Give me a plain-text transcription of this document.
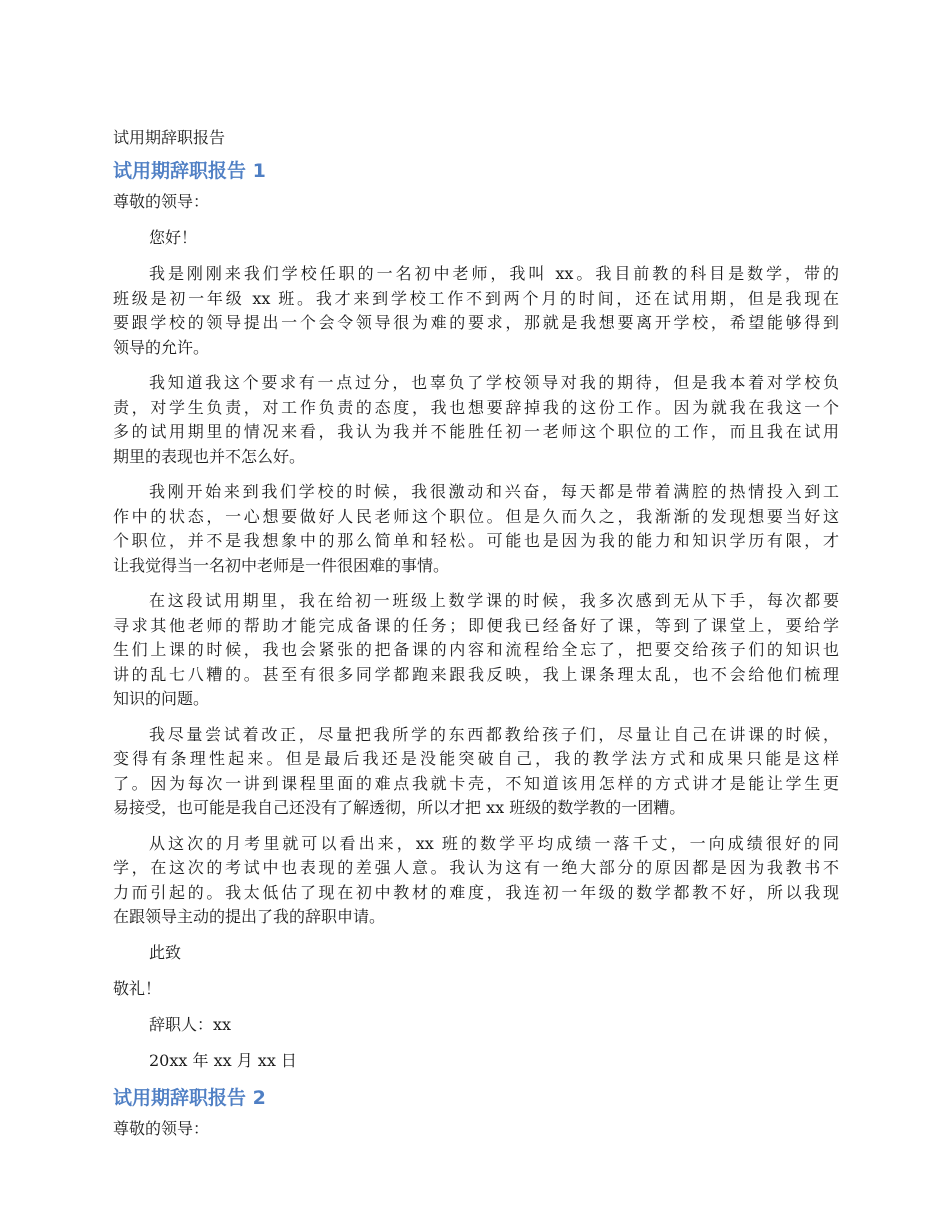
试用期辞职报告
试用期辞职报告 1
尊敬的领导：
您好！
我是刚刚来我们学校任职的一名初中老师，我叫 xx。我目前教的科目是数学，带的
班级是初一年级 xx 班。我才来到学校工作不到两个月的时间，还在试用期，但是我现在
要跟学校的领导提出一个会令领导很为难的要求，那就是我想要离开学校，希望能够得到
领导的允许。
我知道我这个要求有一点过分，也辜负了学校领导对我的期待，但是我本着对学校负
责，对学生负责，对工作负责的态度，我也想要辞掉我的这份工作。因为就我在我这一个
多的试用期里的情况来看，我认为我并不能胜任初一老师这个职位的工作，而且我在试用
期里的表现也并不怎么好。
我刚开始来到我们学校的时候，我很激动和兴奋，每天都是带着满腔的热情投入到工
作中的状态，一心想要做好人民老师这个职位。但是久而久之，我渐渐的发现想要当好这
个职位，并不是我想象中的那么简单和轻松。可能也是因为我的能力和知识学历有限，才
让我觉得当一名初中老师是一件很困难的事情。
在这段试用期里，我在给初一班级上数学课的时候，我多次感到无从下手，每次都要
寻求其他老师的帮助才能完成备课的任务；即便我已经备好了课，等到了课堂上，要给学
生们上课的时候，我也会紧张的把备课的内容和流程给全忘了，把要交给孩子们的知识也
讲的乱七八糟的。甚至有很多同学都跑来跟我反映，我上课条理太乱，也不会给他们梳理
知识的问题。
我尽量尝试着改正，尽量把我所学的东西都教给孩子们，尽量让自己在讲课的时候，
变得有条理性起来。但是最后我还是没能突破自己，我的教学法方式和成果只能是这样
了。因为每次一讲到课程里面的难点我就卡壳，不知道该用怎样的方式讲才是能让学生更
易接受，也可能是我自己还没有了解透彻，所以才把 xx 班级的数学教的一团糟。
从这次的月考里就可以看出来，xx 班的数学平均成绩一落千丈，一向成绩很好的同
学，在这次的考试中也表现的差强人意。我认为这有一绝大部分的原因都是因为我教书不
力而引起的。我太低估了现在初中教材的难度，我连初一年级的数学都教不好，所以我现
在跟领导主动的提出了我的辞职申请。
此致
敬礼！
辞职人：xx
20xx 年 xx 月 xx 日
试用期辞职报告 2
尊敬的领导：
